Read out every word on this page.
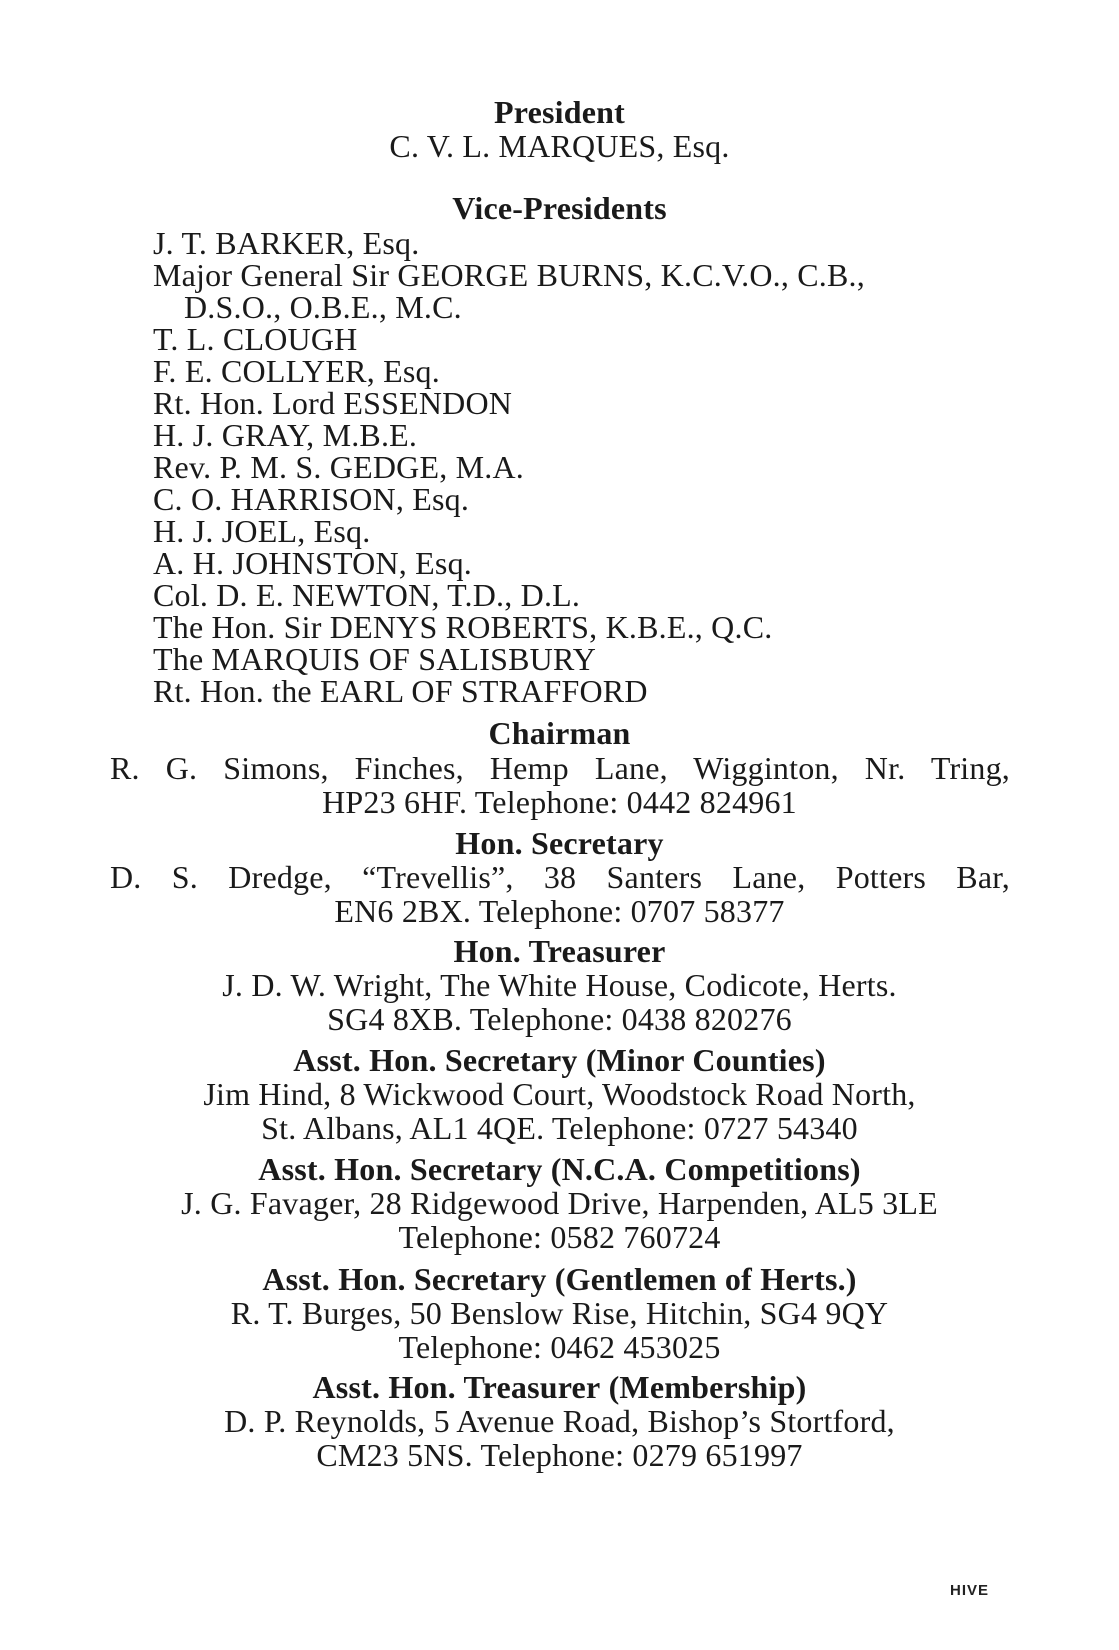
President
C. V. L. MARQUES, Esq.
Vice-Presidents
J. T. BARKER, Esq.
Major General Sir GEORGE BURNS, K.C.V.O., C.B.,
D.S.O., O.B.E., M.C.
T. L. CLOUGH
F. E. COLLYER, Esq.
Rt. Hon. Lord ESSENDON
H. J. GRAY, M.B.E.
Rev. P. M. S. GEDGE, M.A.
C. O. HARRISON, Esq.
H. J. JOEL, Esq.
A. H. JOHNSTON, Esq.
Col. D. E. NEWTON, T.D., D.L.
The Hon. Sir DENYS ROBERTS, K.B.E., Q.C.
The MARQUIS OF SALISBURY
Rt. Hon. the EARL OF STRAFFORD
Chairman
R. G. Simons, Finches, Hemp Lane, Wigginton, Nr. Tring,
HP23 6HF. Telephone: 0442 824961
Hon. Secretary
D. S. Dredge, “Trevellis”, 38 Santers Lane, Potters Bar,
EN6 2BX. Telephone: 0707 58377
Hon. Treasurer
J. D. W. Wright, The White House, Codicote, Herts.
SG4 8XB. Telephone: 0438 820276
Asst. Hon. Secretary (Minor Counties)
Jim Hind, 8 Wickwood Court, Woodstock Road North,
St. Albans, AL1 4QE. Telephone: 0727 54340
Asst. Hon. Secretary (N.C.A. Competitions)
J. G. Favager, 28 Ridgewood Drive, Harpenden, AL5 3LE
Telephone: 0582 760724
Asst. Hon. Secretary (Gentlemen of Herts.)
R. T. Burges, 50 Benslow Rise, Hitchin, SG4 9QY
Telephone: 0462 453025
Asst. Hon. Treasurer (Membership)
D. P. Reynolds, 5 Avenue Road, Bishop’s Stortford,
CM23 5NS. Telephone: 0279 651997
HIVE
